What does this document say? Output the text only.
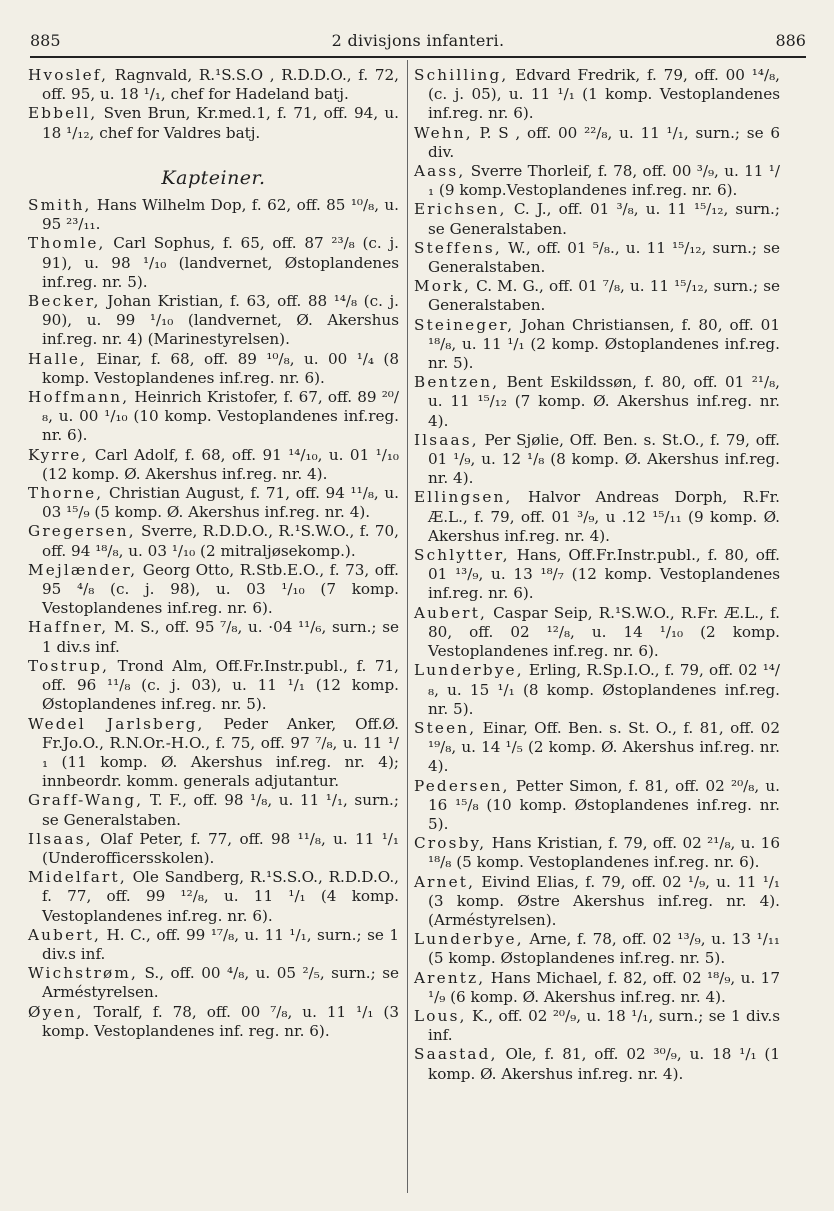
885	2 divisjons infanteri.	886

Hvoslef, Ragnvald, R.¹S.S.O , R.D.D.O., f. 72, off. 95, u. 18 ¹/₁, chef for Hadeland batj.

Ebbell, Sven Brun, Kr.med.1, f. 71, off. 94, u. 18 ¹/₁₂, chef for Valdres batj.

Kapteiner.

Smith, Hans Wilhelm Dop, f. 62, off. 85 ¹⁰/₈, u. 95 ²³/₁₁.

Thomle, Carl Sophus, f. 65, off. 87 ²³/₈ (c. j. 91), u. 98 ¹/₁₀ (landvernet, Østoplandenes inf.reg. nr. 5).

Becker, Johan Kristian, f. 63, off. 88 ¹⁴/₈ (c. j. 90), u. 99 ¹/₁₀ (landvernet, Ø. Akershus inf.reg. nr. 4) (Marinestyrelsen).

Halle, Einar, f. 68, off. 89 ¹⁰/₈, u. 00 ¹/₄ (8 komp. Vestoplandenes inf.reg. nr. 6).

Hoffmann, Heinrich Kristofer, f. 67, off. 89 ²⁰/₈, u. 00 ¹/₁₀ (10 komp. Vestoplandenes inf.reg. nr. 6).

Kyrre, Carl Adolf, f. 68, off. 91 ¹⁴/₁₀, u. 01 ¹/₁₀ (12 komp. Ø. Akershus inf.reg. nr. 4).

Thorne, Christian August, f. 71, off. 94 ¹¹/₈, u. 03 ¹⁵/₉ (5 komp. Ø. Akershus inf.reg. nr. 4).

Gregersen, Sverre, R.D.D.O., R.¹S.W.O., f. 70, off. 94 ¹⁸/₈, u. 03 ¹/₁₀ (2 mitraljøsekomp.).

Mejlænder, Georg Otto, R.Stb.E.O., f. 73, off. 95 ⁴/₈ (c. j. 98), u. 03 ¹/₁₀ (7 komp. Vestoplandenes inf.reg. nr. 6).

Haffner, M. S., off. 95 ⁷/₈, u. ·04 ¹¹/₆, surn.; se 1 div.s inf.

Tostrup, Trond Alm, Off.Fr.Instr.publ., f. 71, off. 96 ¹¹/₈ (c. j. 03), u. 11 ¹/₁ (12 komp. Østoplandenes inf.reg. nr. 5).

Wedel Jarlsberg, Peder Anker, Off.Ø. Fr.Jo.O., R.N.Or.-H.O., f. 75, off. 97 ⁷/₈, u. 11 ¹/₁ (11 komp. Ø. Akershus inf.reg. nr. 4); innbeordr. komm. generals adjutantur.

Graff-Wang, T. F., off. 98 ¹/₈, u. 11 ¹/₁, surn.; se Generalstaben.

Ilsaas, Olaf Peter, f. 77, off. 98 ¹¹/₈, u. 11 ¹/₁ (Underofficersskolen).

Midelfart, Ole Sandberg, R.¹S.S.O., R.D.D.O., f. 77, off. 99 ¹²/₈, u. 11 ¹/₁ (4 komp. Vestoplandenes inf.reg. nr. 6).

Aubert, H. C., off. 99 ¹⁷/₈, u. 11 ¹/₁, surn.; se 1 div.s inf.

Wichstrøm, S., off. 00 ⁴/₈, u. 05 ²/₅, surn.; se Arméstyrelsen.

Øyen, Toralf, f. 78, off. 00 ⁷/₈, u. 11 ¹/₁ (3 komp. Vestoplandenes inf. reg. nr. 6).

Schilling, Edvard Fredrik, f. 79, off. 00 ¹⁴/₈, (c. j. 05), u. 11 ¹/₁ (1 komp. Vestoplandenes inf.reg. nr. 6).

Wehn, P. S , off. 00 ²²/₈, u. 11 ¹/₁, surn.; se 6 div.

Aass, Sverre Thorleif, f. 78, off. 00 ³/₉, u. 11 ¹/₁ (9 komp.Vestoplandenes inf.reg. nr. 6).

Erichsen, C. J., off. 01 ³/₈, u. 11 ¹⁵/₁₂, surn.; se Generalstaben.

Steffens, W., off. 01 ⁵/₈., u. 11 ¹⁵/₁₂, surn.; se Generalstaben.

Mork, C. M. G., off. 01 ⁷/₈, u. 11 ¹⁵/₁₂, surn.; se Generalstaben.

Steineger, Johan Christiansen, f. 80, off. 01 ¹⁸/₈, u. 11 ¹/₁ (2 komp. Østoplandenes inf.reg. nr. 5).

Bentzen, Bent Eskildssøn, f. 80, off. 01 ²¹/₈, u. 11 ¹⁵/₁₂ (7 komp. Ø. Akershus inf.reg. nr. 4).

Ilsaas, Per Sjølie, Off. Ben. s. St.O., f. 79, off. 01 ¹/₉, u. 12 ¹/₈ (8 komp. Ø. Akershus inf.reg. nr. 4).

Ellingsen, Halvor Andreas Dorph, R.Fr. Æ.L., f. 79, off. 01 ³/₉, u .12 ¹⁵/₁₁ (9 komp. Ø. Akershus inf.reg. nr. 4).

Schlytter, Hans, Off.Fr.Instr.publ., f. 80, off. 01 ¹³/₉, u. 13 ¹⁸/₇ (12 komp. Vestoplandenes inf.reg. nr. 6).

Aubert, Caspar Seip, R.¹S.W.O., R.Fr. Æ.L., f. 80, off. 02 ¹²/₈, u. 14 ¹/₁₀ (2 komp. Vestoplandenes inf.reg. nr. 6).

Lunderbye, Erling, R.Sp.I.O., f. 79, off. 02 ¹⁴/₈, u. 15 ¹/₁ (8 komp. Østoplandenes inf.reg. nr. 5).

Steen, Einar, Off. Ben. s. St. O., f. 81, off. 02 ¹⁹/₈, u. 14 ¹/₅ (2 komp. Ø. Akershus inf.reg. nr. 4).

Pedersen, Petter Simon, f. 81, off. 02 ²⁰/₈, u. 16 ¹⁵/₈ (10 komp. Østoplandenes inf.reg. nr. 5).

Crosby, Hans Kristian, f. 79, off. 02 ²¹/₈, u. 16 ¹⁸/₈ (5 komp. Vestoplandenes inf.reg. nr. 6).

Arnet, Eivind Elias, f. 79, off. 02 ¹/₉, u. 11 ¹/₁ (3 komp. Østre Akershus inf.reg. nr. 4). (Arméstyrelsen).

Lunderbye, Arne, f. 78, off. 02 ¹³/₉, u. 13 ¹/₁₁ (5 komp. Østoplandenes inf.reg. nr. 5).

Arentz, Hans Michael, f. 82, off. 02 ¹⁸/₉, u. 17 ¹/₉ (6 komp. Ø. Akershus inf.reg. nr. 4).

Lous, K., off. 02 ²⁰/₉, u. 18 ¹/₁, surn.; se 1 div.s inf.

Saastad, Ole, f. 81, off. 02 ³⁰/₉, u. 18 ¹/₁ (1 komp. Ø. Akershus inf.reg. nr. 4).
